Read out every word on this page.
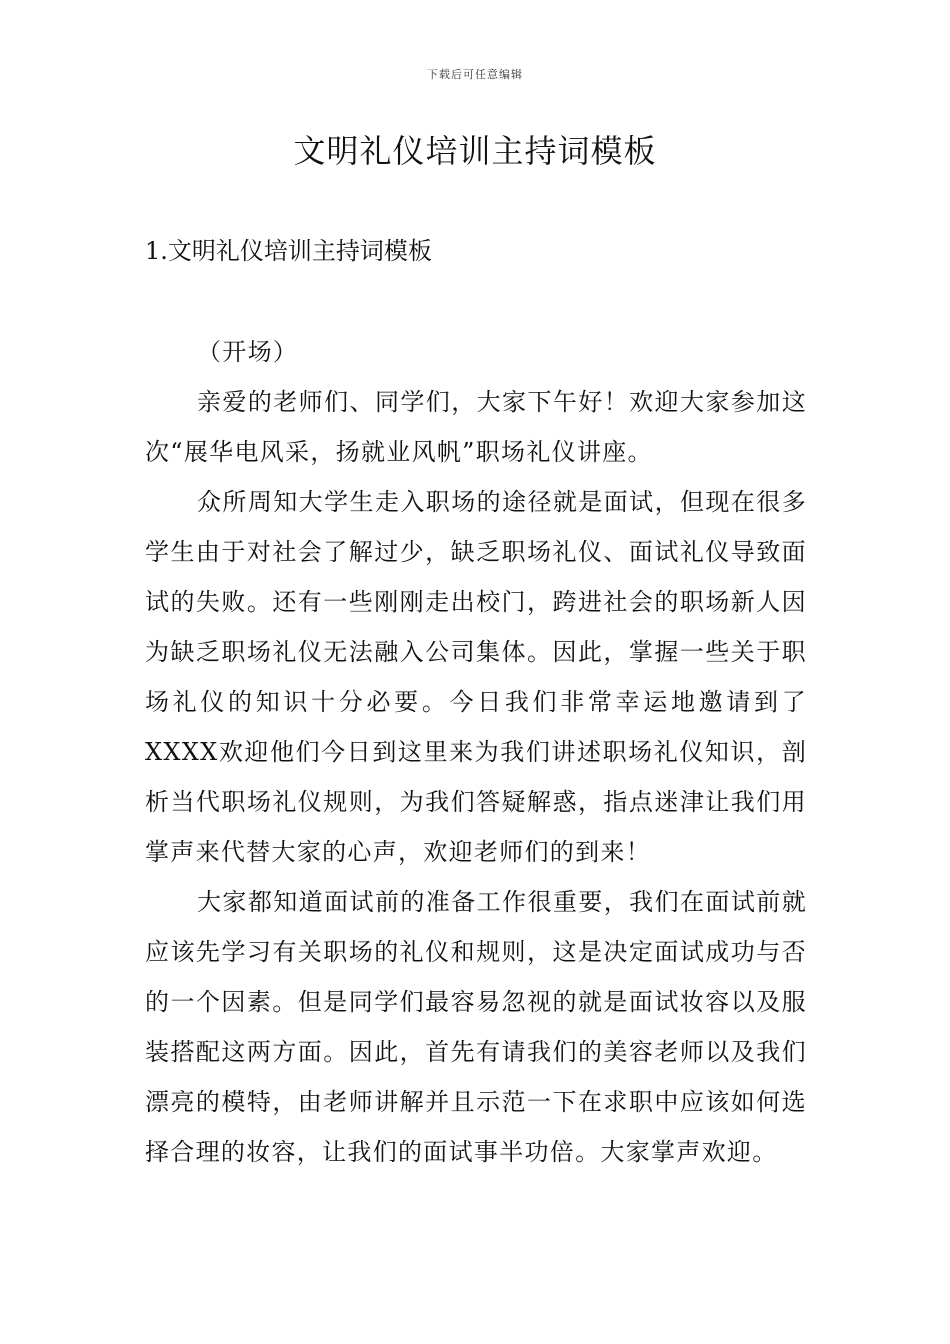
下载后可任意编辑
文明礼仪培训主持词模板
1.文明礼仪培训主持词模板

（开场）

亲爱的老师们、同学们，大家下午好！欢迎大家参加这次“展华电风采，扬就业风帆”职场礼仪讲座。

众所周知大学生走入职场的途径就是面试，但现在很多学生由于对社会了解过少，缺乏职场礼仪、面试礼仪导致面试的失败。还有一些刚刚走出校门，跨进社会的职场新人因为缺乏职场礼仪无法融入公司集体。因此，掌握一些关于职场礼仪的知识十分必要。今日我们非常幸运地邀请到了XXXX欢迎他们今日到这里来为我们讲述职场礼仪知识，剖析当代职场礼仪规则，为我们答疑解惑，指点迷津让我们用掌声来代替大家的心声，欢迎老师们的到来！

大家都知道面试前的准备工作很重要，我们在面试前就应该先学习有关职场的礼仪和规则，这是决定面试成功与否的一个因素。但是同学们最容易忽视的就是面试妆容以及服装搭配这两方面。因此，首先有请我们的美容老师以及我们漂亮的模特，由老师讲解并且示范一下在求职中应该如何选择合理的妆容，让我们的面试事半功倍。大家掌声欢迎。
